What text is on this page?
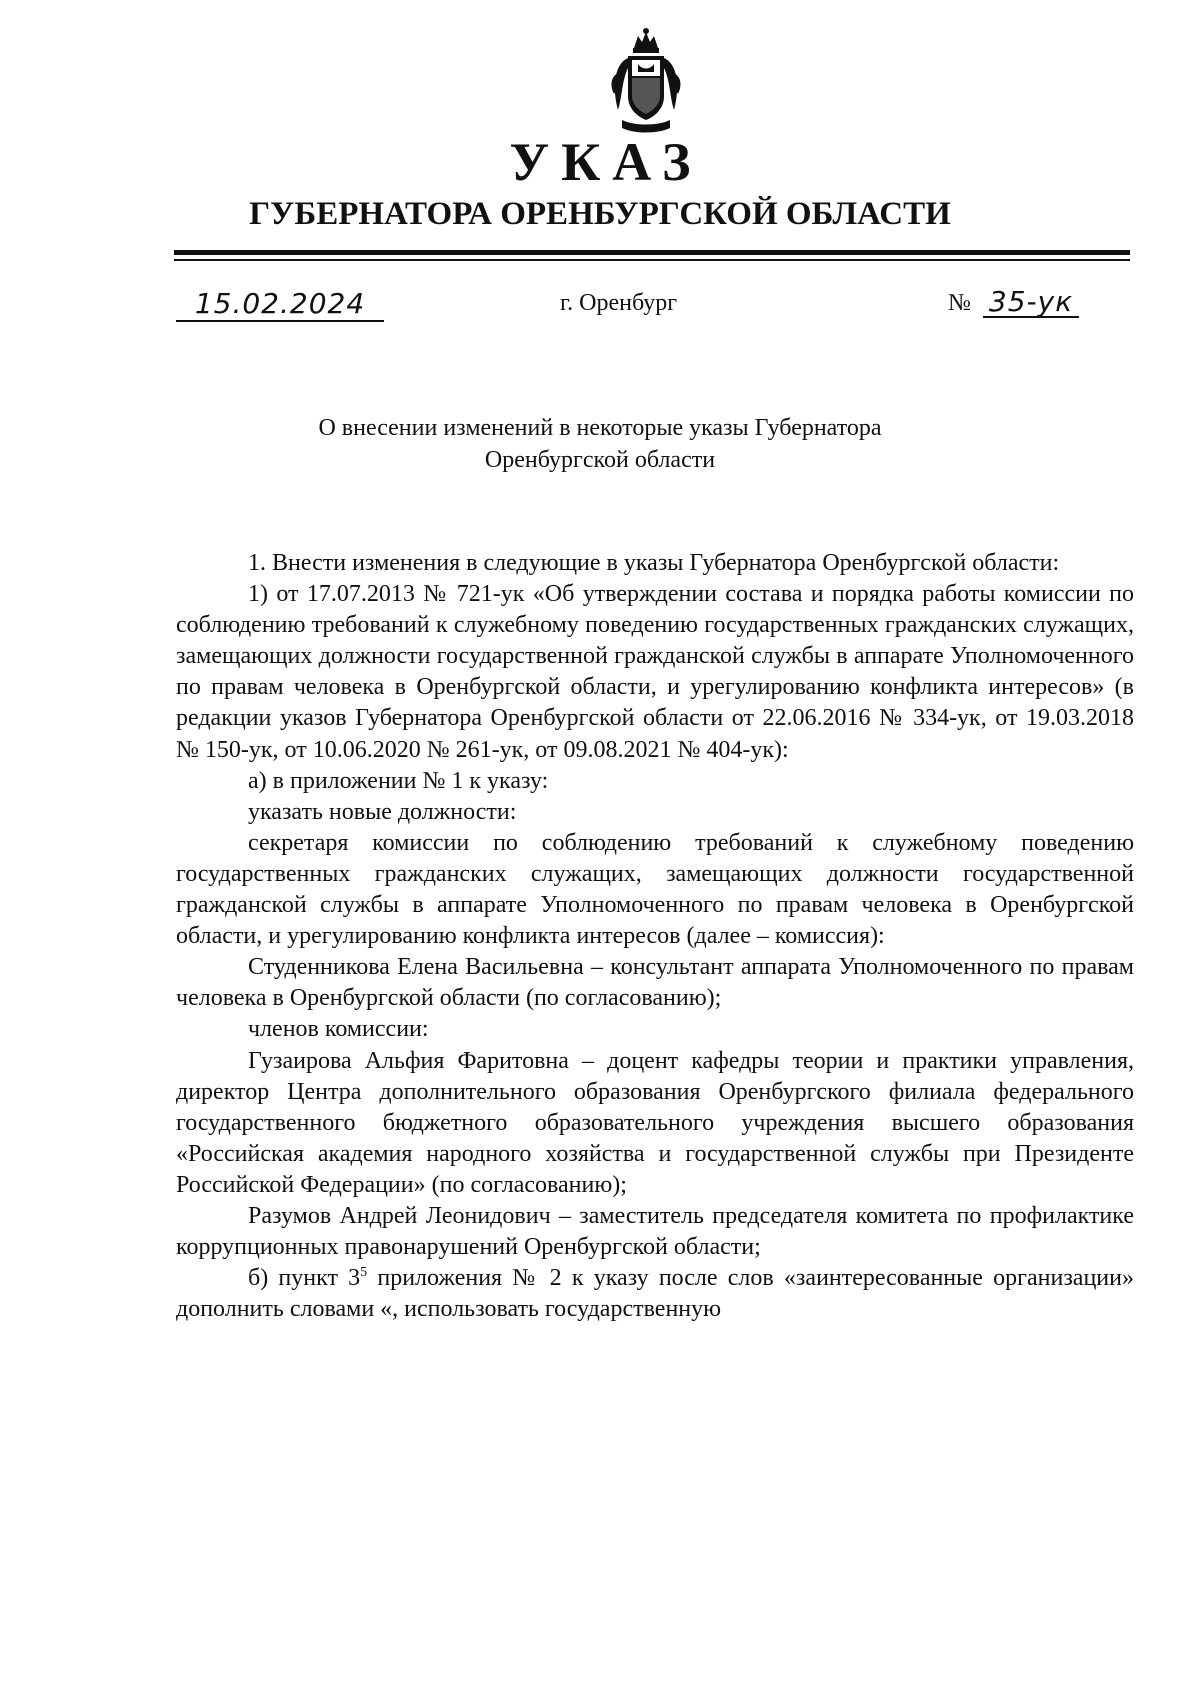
УКАЗ
ГУБЕРНАТОРА ОРЕНБУРГСКОЙ ОБЛАСТИ
15.02.2024	г. Оренбург	№ 35-ук
О внесении изменений в некоторые указы Губернатора
Оренбургской области

1. Внести изменения в следующие в указы Губернатора Оренбургской области:

1) от 17.07.2013 № 721-ук «Об утверждении состава и порядка работы комиссии по соблюдению требований к служебному поведению государственных гражданских служащих, замещающих должности государственной гражданской службы в аппарате Уполномоченного по правам человека в Оренбургской области, и урегулированию конфликта интересов» (в редакции указов Губернатора Оренбургской области от 22.06.2016 № 334-ук, от 19.03.2018 № 150-ук, от 10.06.2020 № 261-ук, от 09.08.2021 № 404-ук):

а) в приложении № 1 к указу:

указать новые должности:

секретаря комиссии по соблюдению требований к служебному поведению государственных гражданских служащих, замещающих должности государственной гражданской службы в аппарате Уполномоченного по правам человека в Оренбургской области, и урегулированию конфликта интересов (далее – комиссия):

Студенникова Елена Васильевна – консультант аппарата Уполномоченного по правам человека в Оренбургской области (по согласованию);

членов комиссии:

Гузаирова Альфия Фаритовна – доцент кафедры теории и практики управления, директор Центра дополнительного образования Оренбургского филиала федерального государственного бюджетного образовательного учреждения высшего образования «Российская академия народного хозяйства и государственной службы при Президенте Российской Федерации» (по согласованию);

Разумов Андрей Леонидович – заместитель председателя комитета по профилактике коррупционных правонарушений Оренбургской области;

б) пункт $3^5$ приложения № 2 к указу после слов «заинтересованные организации» дополнить словами «, использовать государственную
